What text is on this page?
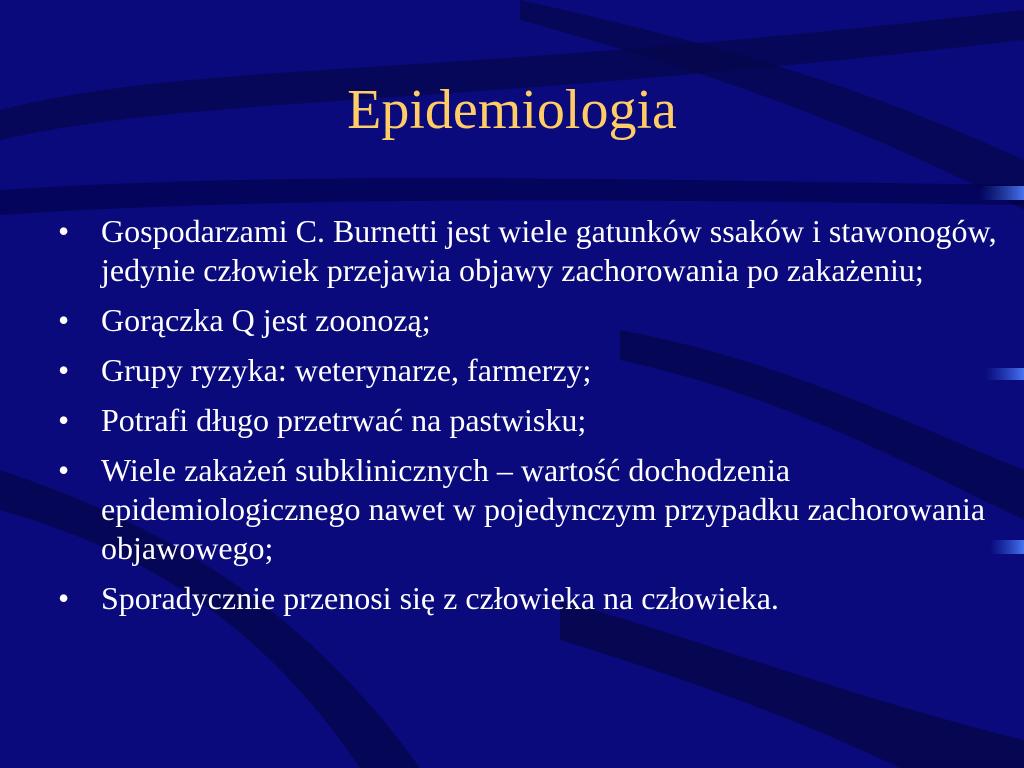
Epidemiologia
• Gospodarzami C. Burnetti jest wiele gatunków ssaków i stawonogów, jedynie człowiek przejawia objawy zachorowania po zakażeniu;
• Gorączka Q jest zoonozą;
• Grupy ryzyka: weterynarze, farmerzy;
• Potrafi długo przetrwać na pastwisku;
• Wiele zakażeń subklinicznych – wartość dochodzenia epidemiologicznego nawet w pojedynczym przypadku zachorowania objawowego;
• Sporadycznie przenosi się z człowieka na człowieka.
